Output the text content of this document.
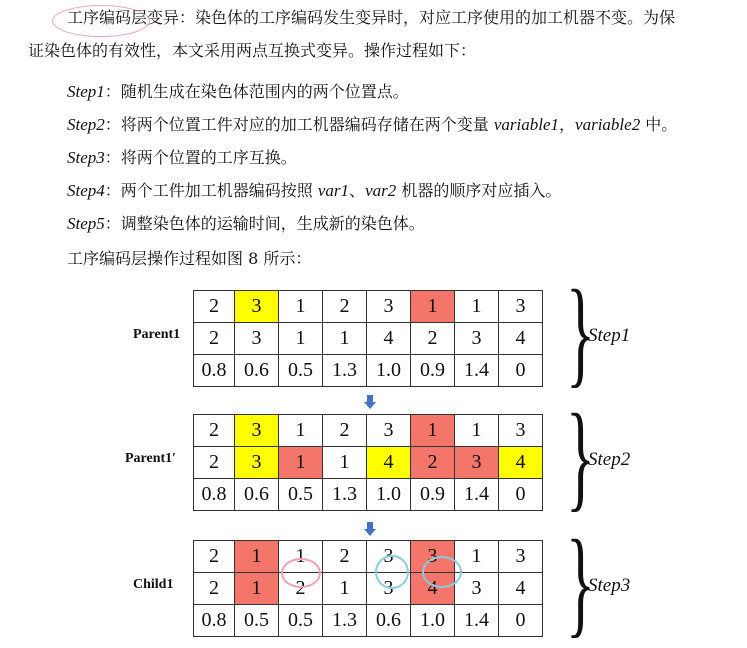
工序编码层变异：染色体的工序编码发生变异时，对应工序使用的加工机器不变。为保
证染色体的有效性，本文采用两点互换式变异。操作过程如下：
Step1：随机生成在染色体范围内的两个位置点。
Step2：将两个位置工件对应的加工机器编码存储在两个变量 variable1，variable2 中。
Step3：将两个位置的工序互换。
Step4：两个工件加工机器编码按照 var1、var2 机器的顺序对应插入。
Step5：调整染色体的运输时间，生成新的染色体。
工序编码层操作过程如图 8 所示：
2	3	1	2	3	1	1	3
2	3	1	1	4	2	3	4
0.8	0.6	0.5	1.3	1.0	0.9	1.4	0
Parent1	}
Step1
2	3	1	2	3	1	1	3
2	3	1	1	4	2	3	4
0.8	0.6	0.5	1.3	1.0	0.9	1.4	0
Parent1′	}
Step2
2	1	1	2	3	3	1	3
2	1	2	1	3	4	3	4
0.8	0.5	0.5	1.3	0.6	1.0	1.4	0
Child1	}
Step3
